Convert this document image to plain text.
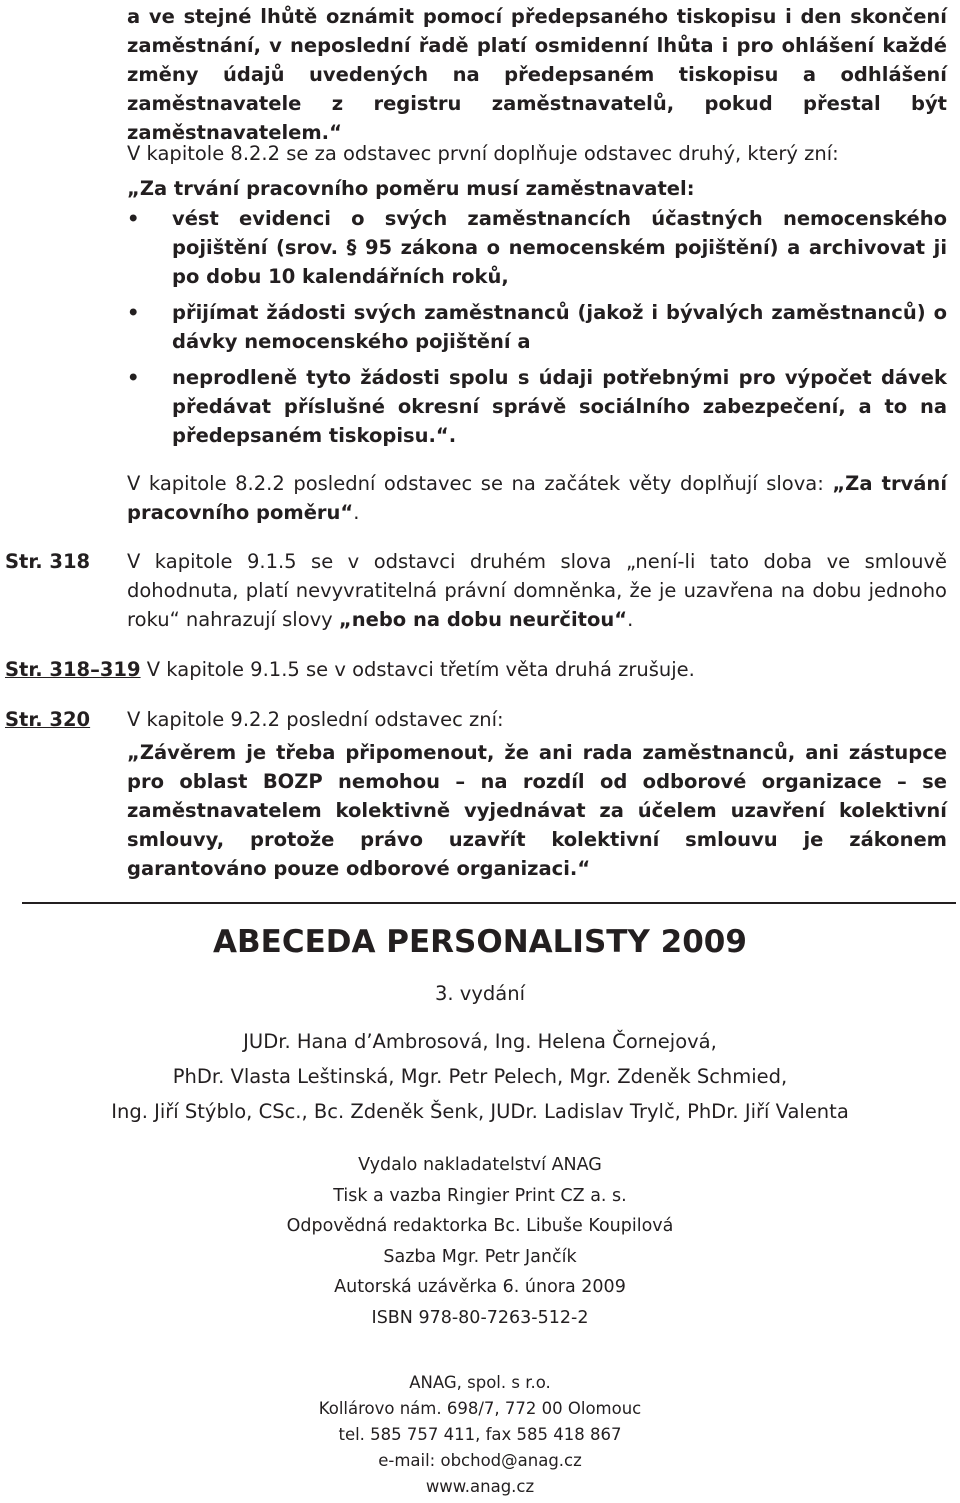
a ve stejné lhůtě oznámit pomocí předepsaného tiskopisu i den skončení zaměstnání, v neposlední řadě platí osmidenní lhůta i pro ohlášení každé změny údajů uvedených na předepsaném tiskopisu a odhlášení zaměstnavatele z registru zaměstnavatelů, pokud přestal být zaměstnavatelem.“
V kapitole 8.2.2 se za odstavec první doplňuje odstavec druhý, který zní:
„Za trvání pracovního poměru musí zaměstnavatel:
• vést evidenci o svých zaměstnancích účastných nemocenského pojištění (srov. § 95 zákona o nemocenském pojištění) a archivovat ji po dobu 10 kalendářních roků,
• přijímat žádosti svých zaměstnanců (jakož i bývalých zaměstnanců) o dávky nemocenského pojištění a
• neprodleně tyto žádosti spolu s údaji potřebnými pro výpočet dávek předávat příslušné okresní správě sociálního zabezpečení, a to na předepsaném tiskopisu.“.
V kapitole 8.2.2 poslední odstavec se na začátek věty doplňují slova: „Za trvání pracovního poměru“.
Str. 318 V kapitole 9.1.5 se v odstavci druhém slova „není-li tato doba ve smlouvě dohodnuta, platí nevyvratitelná právní domněnka, že je uzavřena na dobu jednoho roku“ nahrazují slovy „nebo na dobu neurčitou“.
Str. 318–319 V kapitole 9.1.5 se v odstavci třetím věta druhá zrušuje.
Str. 320 V kapitole 9.2.2 poslední odstavec zní:
„Závěrem je třeba připomenout, že ani rada zaměstnanců, ani zástupce pro oblast BOZP nemohou – na rozdíl od odborové organizace – se zaměstnavatelem kolektivně vyjednávat za účelem uzavření kolektivní smlouvy, protože právo uzavřít kolektivní smlouvu je zákonem garantováno pouze odborové organizaci.“
ABECEDA PERSONALISTY 2009
3. vydání
JUDr. Hana d’Ambrosová, Ing. Helena Čornejová,
PhDr. Vlasta Leštinská, Mgr. Petr Pelech, Mgr. Zdeněk Schmied,
Ing. Jiří Stýblo, CSc., Bc. Zdeněk Šenk, JUDr. Ladislav Trylč, PhDr. Jiří Valenta
Vydalo nakladatelství ANAG
Tisk a vazba Ringier Print CZ a. s.
Odpovědná redaktorka Bc. Libuše Koupilová
Sazba Mgr. Petr Jančík
Autorská uzávěrka 6. února 2009
ISBN 978-80-7263-512-2
ANAG, spol. s r.o.
Kollárovo nám. 698/7, 772 00 Olomouc
tel. 585 757 411, fax 585 418 867
e-mail: obchod@anag.cz
www.anag.cz
